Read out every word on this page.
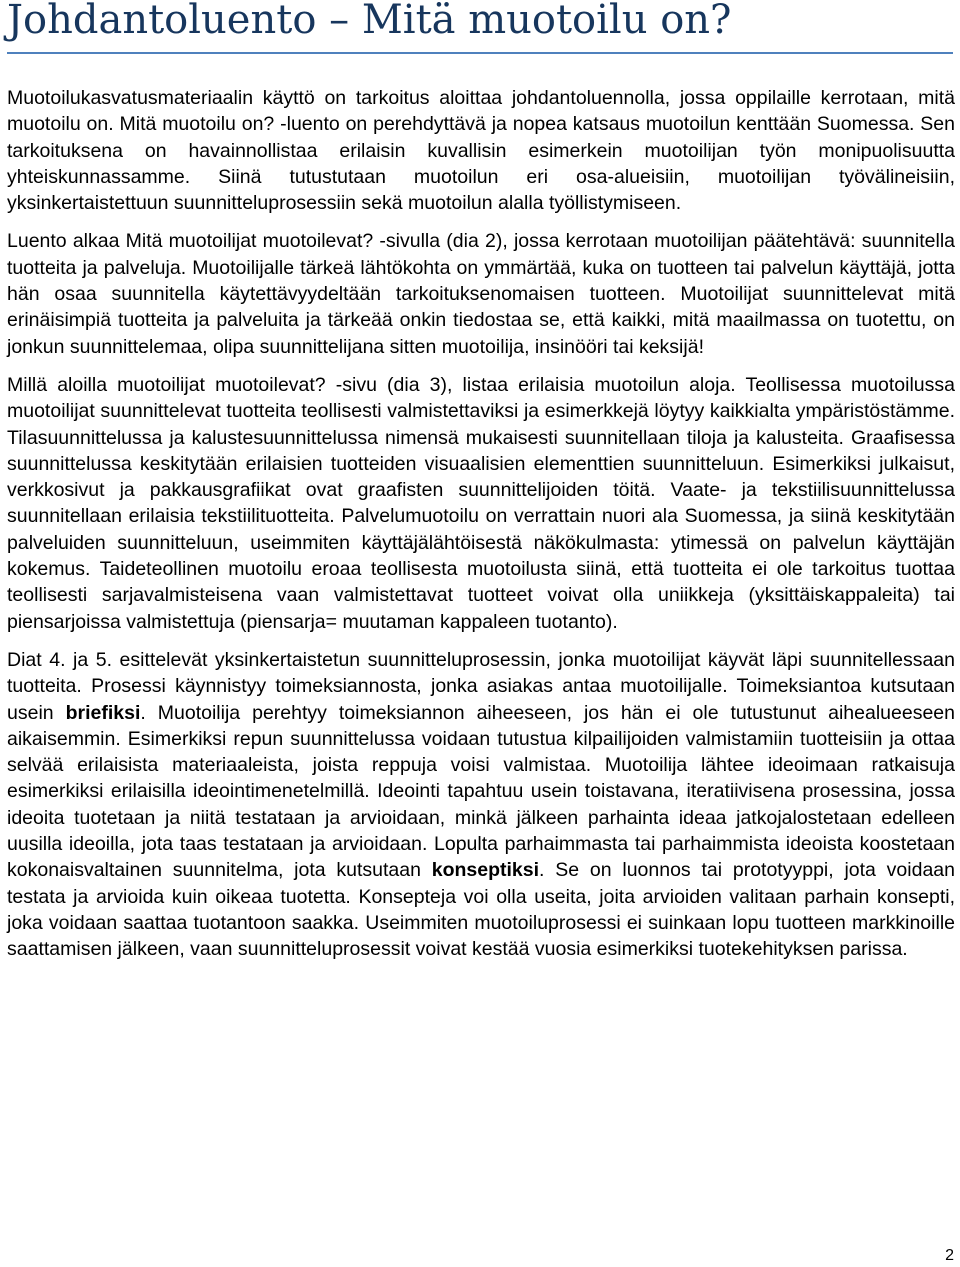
Johdantoluento – Mitä muotoilu on?

Muotoilukasvatusmateriaalin käyttö on tarkoitus aloittaa johdantoluennolla, jossa oppilaille kerrotaan, mitä muotoilu on. Mitä muotoilu on? -luento on perehdyttävä ja nopea katsaus muotoilun kenttään Suomessa. Sen tarkoituksena on havainnollistaa erilaisin kuvallisin esimerkein muotoilijan työn monipuolisuutta yhteiskunnassamme. Siinä tutustutaan muotoilun eri osa-alueisiin, muotoilijan työvälineisiin, yksinkertaistettuun suunnitteluprosessiin sekä muotoilun alalla työllistymiseen.

Luento alkaa Mitä muotoilijat muotoilevat? -sivulla (dia 2), jossa kerrotaan muotoilijan päätehtävä: suunnitella tuotteita ja palveluja. Muotoilijalle tärkeä lähtökohta on ymmärtää, kuka on tuotteen tai palvelun käyttäjä, jotta hän osaa suunnitella käytettävyydeltään tarkoituksenomaisen tuotteen. Muotoilijat suunnittelevat mitä erinäisimpiä tuotteita ja palveluita ja tärkeää onkin tiedostaa se, että kaikki, mitä maailmassa on tuotettu, on jonkun suunnittelemaa, olipa suunnittelijana sitten muotoilija, insinööri tai keksijä!

Millä aloilla muotoilijat muotoilevat? -sivu (dia 3), listaa erilaisia muotoilun aloja. Teollisessa muotoilussa muotoilijat suunnittelevat tuotteita teollisesti valmistettaviksi ja esimerkkejä löytyy kaikkialta ympäristöstämme. Tilasuunnittelussa ja kalustesuunnittelussa nimensä mukaisesti suunnitellaan tiloja ja kalusteita. Graafisessa suunnittelussa keskitytään erilaisien tuotteiden visuaalisien elementtien suunnitteluun. Esimerkiksi julkaisut, verkkosivut ja pakkausgrafiikat ovat graafisten suunnittelijoiden töitä. Vaate- ja tekstiilisuunnittelussa suunnitellaan erilaisia tekstiilituotteita. Palvelumuotoilu on verrattain nuori ala Suomessa, ja siinä keskitytään palveluiden suunnitteluun, useimmiten käyttäjälähtöisestä näkökulmasta: ytimessä on palvelun käyttäjän kokemus. Taideteollinen muotoilu eroaa teollisesta muotoilusta siinä, että tuotteita ei ole tarkoitus tuottaa teollisesti sarjavalmisteisena vaan valmistettavat tuotteet voivat olla uniikkeja (yksittäiskappaleita) tai piensarjoissa valmistettuja (piensarja= muutaman kappaleen tuotanto).

Diat 4. ja 5. esittelevät yksinkertaistetun suunnitteluprosessin, jonka muotoilijat käyvät läpi suunnitellessaan tuotteita. Prosessi käynnistyy toimeksiannosta, jonka asiakas antaa muotoilijalle. Toimeksiantoa kutsutaan usein briefiksi. Muotoilija perehtyy toimeksiannon aiheeseen, jos hän ei ole tutustunut aihealueeseen aikaisemmin. Esimerkiksi repun suunnittelussa voidaan tutustua kilpailijoiden valmistamiin tuotteisiin ja ottaa selvää erilaisista materiaaleista, joista reppuja voisi valmistaa. Muotoilija lähtee ideoimaan ratkaisuja esimerkiksi erilaisilla ideointimenetelmillä. Ideointi tapahtuu usein toistavana, iteratiivisena prosessina, jossa ideoita tuotetaan ja niitä testataan ja arvioidaan, minkä jälkeen parhainta ideaa jatkojalostetaan edelleen uusilla ideoilla, jota taas testataan ja arvioidaan. Lopulta parhaimmasta tai parhaimmista ideoista koostetaan kokonaisvaltainen suunnitelma, jota kutsutaan konseptiksi. Se on luonnos tai prototyyppi, jota voidaan testata ja arvioida kuin oikeaa tuotetta. Konsepteja voi olla useita, joita arvioiden valitaan parhain konsepti, joka voidaan saattaa tuotantoon saakka. Useimmiten muotoiluprosessi ei suinkaan lopu tuotteen markkinoille saattamisen jälkeen, vaan suunnitteluprosessit voivat kestää vuosia esimerkiksi tuotekehityksen parissa.

2
